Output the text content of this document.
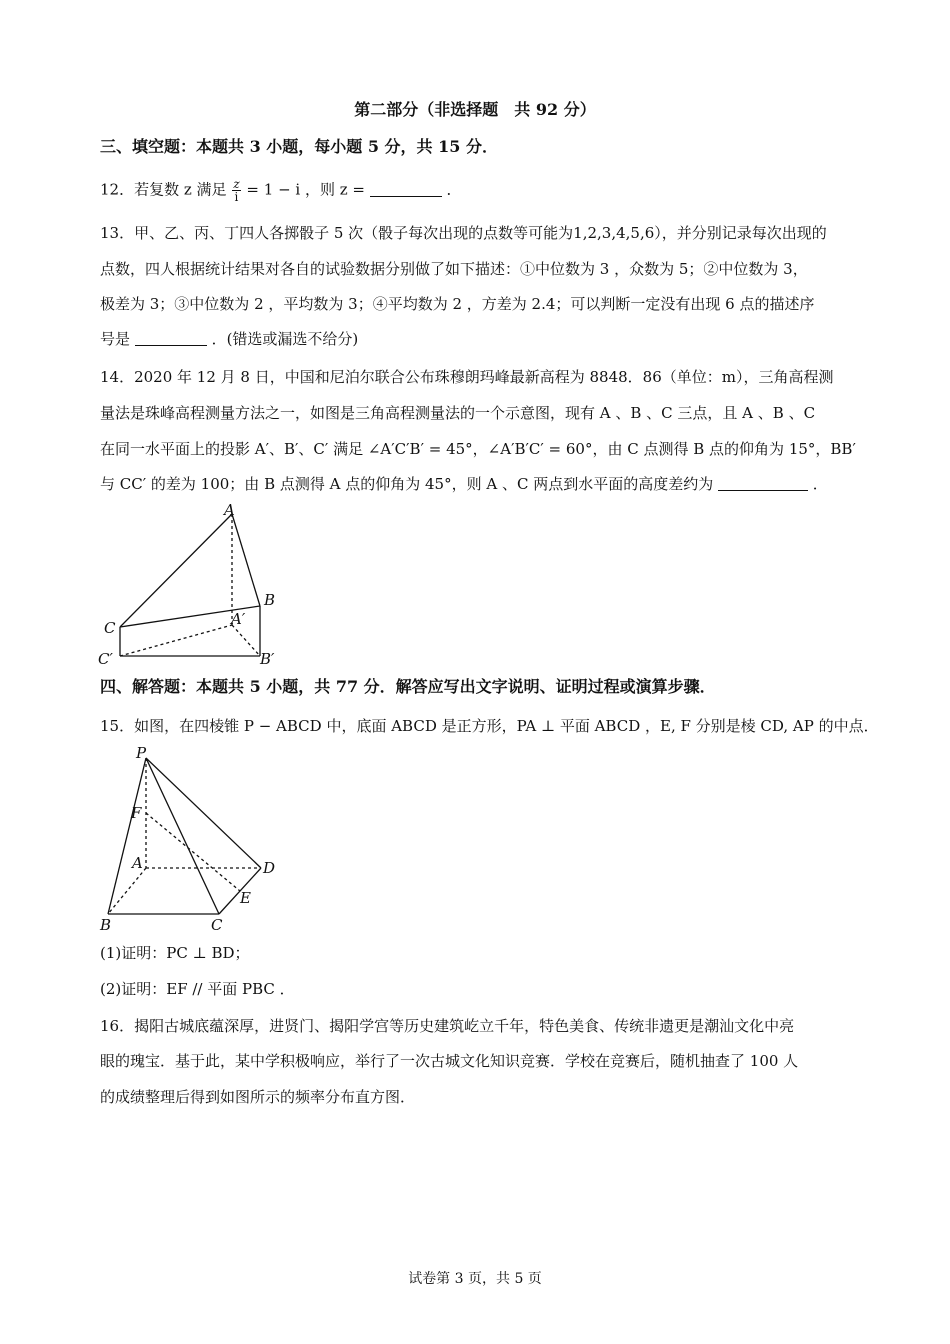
第二部分（非选择题　共 92 分）
三、填空题：本题共 3 小题，每小题 5 分，共 15 分．
12．若复数 z 满足 $\frac{z}{i} = 1 - i$ ，则 z =	．
13．甲、乙、丙、丁四人各掷骰子 5 次（骰子每次出现的点数等可能为1,2,3,4,5,6），并分别记录每次出现的
点数，四人根据统计结果对各自的试验数据分别做了如下描述：①中位数为 3 ，众数为 5；②中位数为 3，
极差为 3；③中位数为 2 ，平均数为 3；④平均数为 2 ，方差为 2.4；可以判断一定没有出现 6 点的描述序
号是	．(错选或漏选不给分)
14．2020 年 12 月 8 日，中国和尼泊尔联合公布珠穆朗玛峰最新高程为 8848．86（单位：m），三角高程测
量法是珠峰高程测量方法之一，如图是三角高程测量法的一个示意图，现有 A 、B 、C 三点，且 A 、B 、C
在同一水平面上的投影 A′、B′、C′ 满足 ∠A′C′B′ = 45°，∠A′B′C′ = 60°，由 C 点测得 B 点的仰角为 15°，BB′
与 CC′ 的差为 100；由 B 点测得 A 点的仰角为 45°，则 A 、C 两点到水平面的高度差约为	．
A
B
C	A′
B′
C′
四、解答题：本题共 5 小题，共 77 分．解答应写出文字说明、证明过程或演算步骤．
15．如图，在四棱锥 P − ABCD 中，底面 ABCD 是正方形，PA ⊥ 平面 ABCD ，E, F 分别是棱 CD, AP 的中点．
P
F
A	D
E
B	C
(1)证明：PC ⊥ BD；
(2)证明：EF // 平面 PBC ．
16．揭阳古城底蕴深厚，进贤门、揭阳学宫等历史建筑屹立千年，特色美食、传统非遗更是潮汕文化中亮
眼的瑰宝．基于此，某中学积极响应，举行了一次古城文化知识竞赛．学校在竞赛后，随机抽查了 100 人
的成绩整理后得到如图所示的频率分布直方图．
试卷第 3 页，共 5 页
